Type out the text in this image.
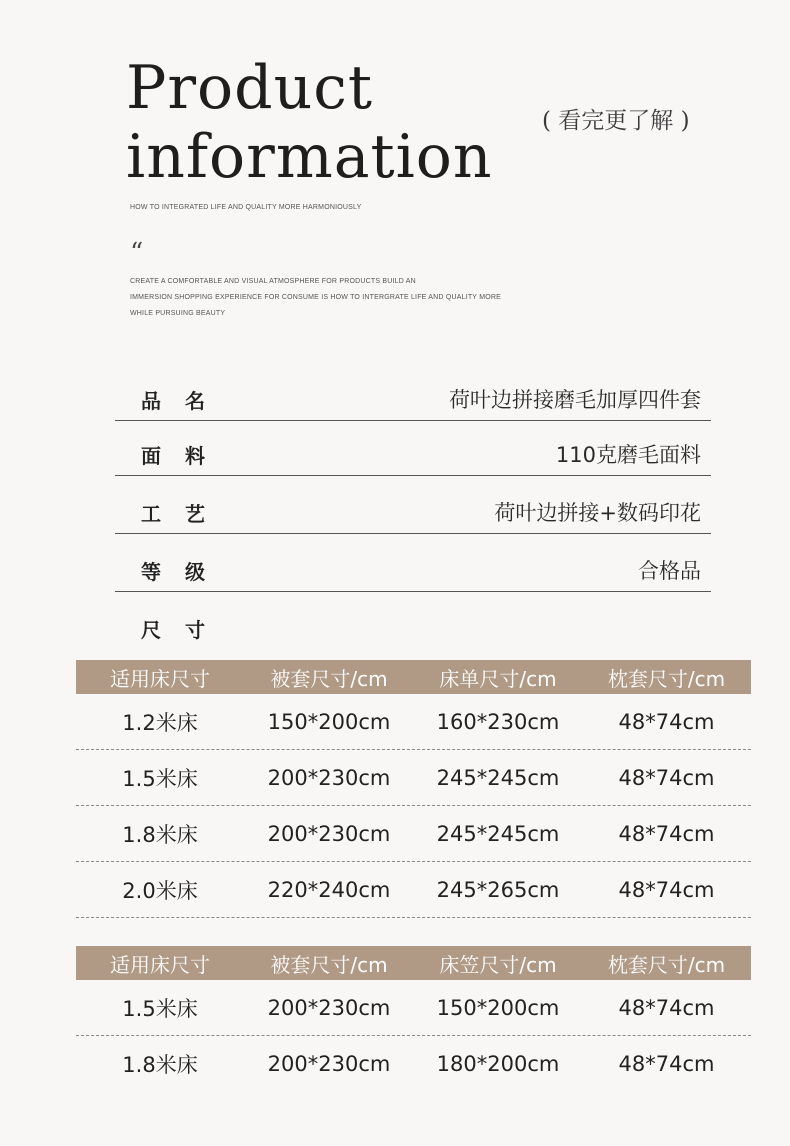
Product
information
( 看完更了解 )
HOW TO INTEGRATED LIFE AND QUALITY MORE HARMONIOUSLY
“
CREATE A COMFORTABLE AND VISUAL ATMOSPHERE FOR PRODUCTS BUILD AN
IMMERSION SHOPPING EXPERIENCE FOR CONSUME IS HOW TO INTERGRATE LIFE AND QUALITY MORE
WHILE PURSUING BEAUTY
品名	荷叶边拼接磨毛加厚四件套
面料	110克磨毛面料
工艺	荷叶边拼接+数码印花
等级	合格品
尺寸
适用床尺寸	被套尺寸/cm	床单尺寸/cm	枕套尺寸/cm
1.2米床	150*200cm	160*230cm	48*74cm
1.5米床	200*230cm	245*245cm	48*74cm
1.8米床	200*230cm	245*245cm	48*74cm
2.0米床	220*240cm	245*265cm	48*74cm
适用床尺寸	被套尺寸/cm	床笠尺寸/cm	枕套尺寸/cm
1.5米床	200*230cm	150*200cm	48*74cm
1.8米床	200*230cm	180*200cm	48*74cm
